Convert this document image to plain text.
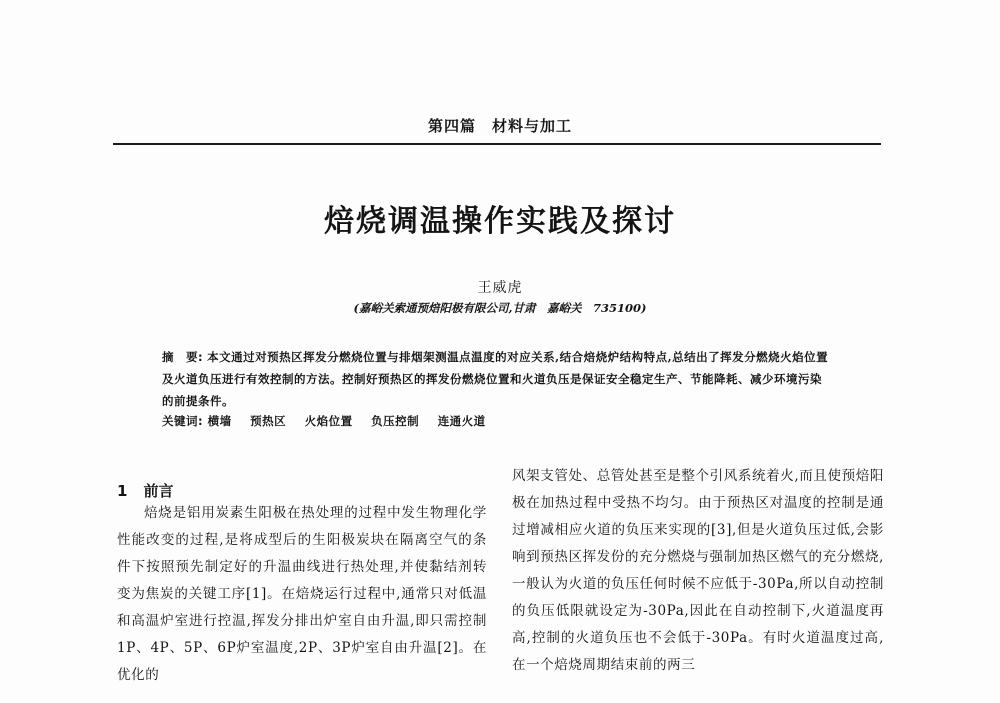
第四篇　材料与加工
焙烧调温操作实践及探讨
王威虎
(嘉峪关索通预焙阳极有限公司,甘肃　嘉峪关　735100)
摘　要: 本文通过对预热区挥发分燃烧位置与排烟架测温点温度的对应关系,结合焙烧炉结构特点,总结出了挥发分燃烧火焰位置及火道负压进行有效控制的方法。控制好预热区的挥发份燃烧位置和火道负压是保证安全稳定生产、节能降耗、减少环境污染的前提条件。
关键词: 横墙 预热区 火焰位置 负压控制 连通火道
1 前言

焙烧是铝用炭素生阳极在热处理的过程中发生物理化学性能改变的过程,是将成型后的生阳极炭块在隔离空气的条件下按照预先制定好的升温曲线进行热处理,并使黏结剂转变为焦炭的关键工序[1]。在焙烧运行过程中,通常只对低温和高温炉室进行控温,挥发分排出炉室自由升温,即只需控制1P、4P、5P、6P炉室温度,2P、3P炉室自由升温[2]。在优化的

风架支管处、总管处甚至是整个引风系统着火,而且使预焙阳极在加热过程中受热不均匀。由于预热区对温度的控制是通过增减相应火道的负压来实现的[3],但是火道负压过低,会影响到预热区挥发份的充分燃烧与强制加热区燃气的充分燃烧,一般认为火道的负压任何时候不应低于-30Pa,所以自动控制的负压低限就设定为-30Pa,因此在自动控制下,火道温度再高,控制的火道负压也不会低于-30Pa。有时火道温度过高,在一个焙烧周期结束前的两三
